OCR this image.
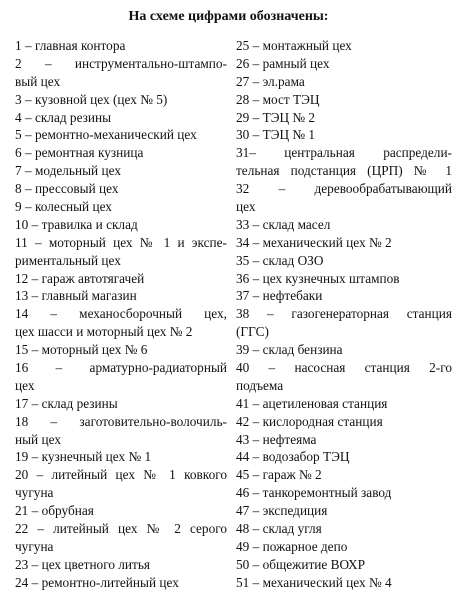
На схеме цифрами обозначены:
1 – главная контора
2 – инструментально-штампо-
вый цех
3 – кузовной цех (цех № 5)
4 – склад резины
5 – ремонтно-механический цех
6 – ремонтная кузница
7 – модельный цех
8 – прессовый цех
9 – колесный цех
10 – травилка и склад
11 – моторный цех № 1 и экспе-
риментальный цех
12 – гараж автотягачей
13 – главный магазин
14 – механосборочный цех,
цех шасси и моторный цех № 2
15 – моторный цех № 6
16 – арматурно-радиаторный
цех
17 – склад резины
18 – заготовительно-волочиль-
ный цех
19 – кузнечный цех № 1
20 – литейный цех № 1 ковкого
чугуна
21 – обрубная
22 – литейный цех № 2 серого
чугуна
23 – цех цветного литья
24 – ремонтно-литейный цех
25 – монтажный цех
26 – рамный цех
27 – эл.рама
28 – мост ТЭЦ
29 – ТЭЦ № 2
30 – ТЭЦ № 1
31– центральная распредели-
тельная подстанция (ЦРП) № 1
32 – деревообрабатывающий
цех
33 – склад масел
34 – механический цех № 2
35 – склад ОЗО
36 – цех кузнечных штампов
37 – нефтебаки
38 – газогенераторная станция
(ГГС)
39 – склад бензина
40 – насосная станция 2-го
подъема
41 – ацетиленовая станция
42 – кислородная станция
43 – нефтеяма
44 – водозабор ТЭЦ
45 – гараж № 2
46 – танкоремонтный завод
47 – экспедиция
48 – склад угля
49 – пожарное депо
50 – общежитие ВОХР
51 – механический цех № 4
